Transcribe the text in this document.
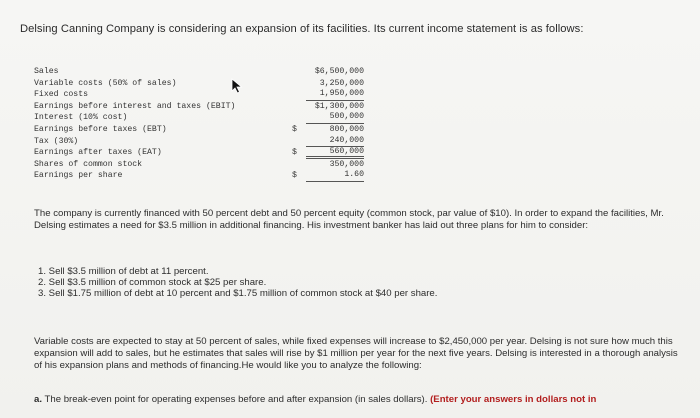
Delsing Canning Company is considering an expansion of its facilities. Its current income statement is as follows:
Sales	$6,500,000
Variable costs (50% of sales)	3,250,000
Fixed costs	1,950,000
Earnings before interest and taxes (EBIT)	$1,300,000
Interest (10% cost)	500,000
Earnings before taxes (EBT)	$	800,000
Tax (30%)	240,000
Earnings after taxes (EAT)	$	560,000
Shares of common stock	350,000
Earnings per share	$	1.60
The company is currently financed with 50 percent debt and 50 percent equity (common stock, par value of $10). In order to expand the facilities, Mr. Delsing estimates a need for $3.5 million in additional financing. His investment banker has laid out three plans for him to consider:
1. Sell $3.5 million of debt at 11 percent.
2. Sell $3.5 million of common stock at $25 per share.
3. Sell $1.75 million of debt at 10 percent and $1.75 million of common stock at $40 per share.
Variable costs are expected to stay at 50 percent of sales, while fixed expenses will increase to $2,450,000 per year. Delsing is not sure how much this expansion will add to sales, but he estimates that sales will rise by $1 million per year for the next five years. Delsing is interested in a thorough analysis of his expansion plans and methods of financing.He would like you to analyze the following:
a. The break-even point for operating expenses before and after expansion (in sales dollars). (Enter your answers in dollars not in
